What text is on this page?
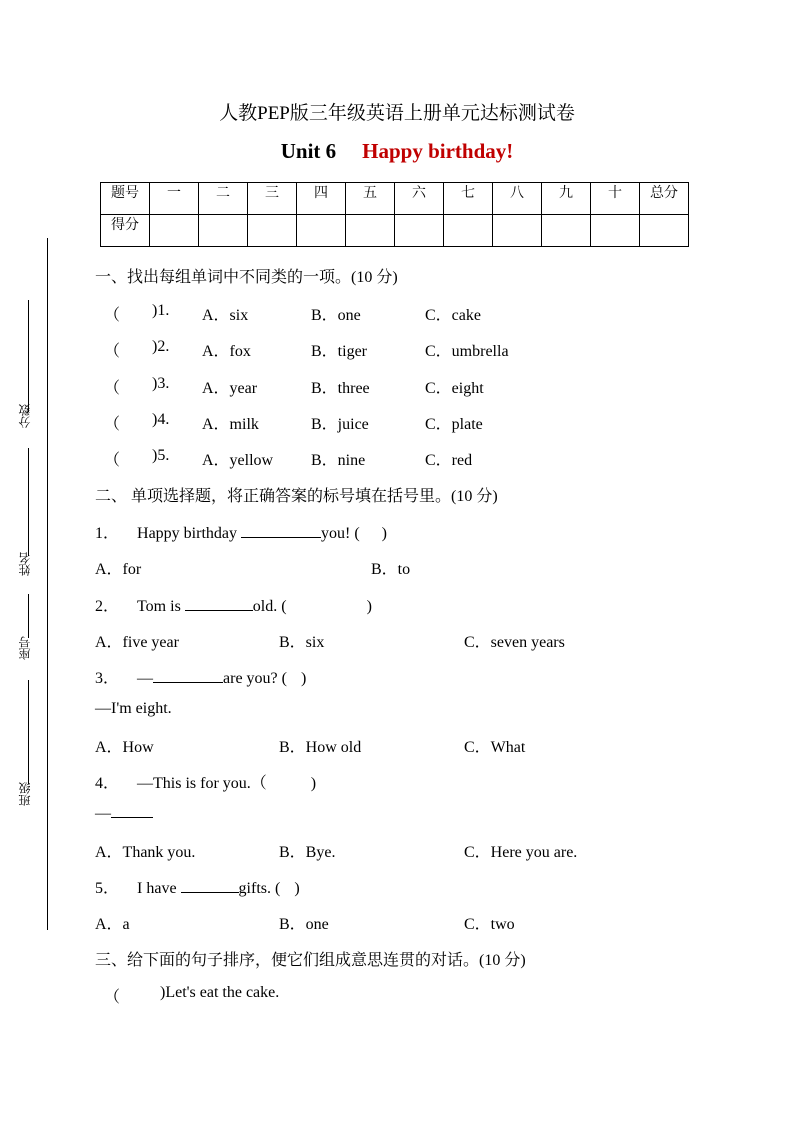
分数
姓名
座号
班级
人教PEP版三年级英语上册单元达标测试卷
Unit 6 Happy birthday!
题号	一	二	三	四	五	六	七	八	九	十	总分
得分											
一、找出每组单词中不同类的一项。(10 分)
（ )1. A．six	B．one	C．cake
（ )2. A．fox	B．tiger	C．umbrella
（ )3. A．year	B．three	C．eight
（ )4. A．milk	B．juice	C．plate
（ )5. A．yellow B．nine	C．red
二、 单项选择题，将正确答案的标号填在括号里。(10 分)
1． Happy birthday	you! ( )
A．for	B．to
2． Tom is	old. (	)
A．five year	B．six	C．seven years
3． —	are you? ( )
—I'm eight.
A．How	B．How old	C．What
4． —This is for you.（	)
—
A．Thank you.	B．Bye.	C．Here you are.
5． I have	gifts. ( )
A．a	B．one	C．two
三、给下面的句子排序，便它们组成意思连贯的对话。(10 分)
（ )Let's eat the cake.
